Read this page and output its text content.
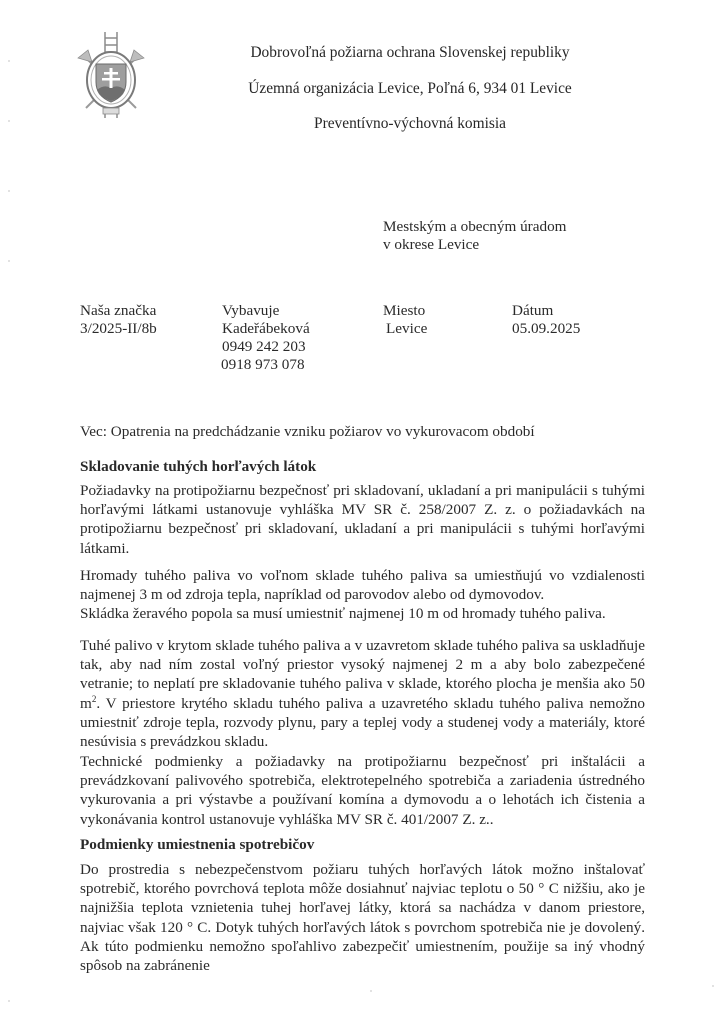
Dobrovoľná požiarna ochrana Slovenskej republiky
Územná organizácia Levice, Poľná 6, 934 01 Levice
Preventívno-výchovná komisia
Mestským a obecným úradom
v okrese Levice
Naša značka
3/2025-II/8b
Vybavuje
Kadeřábeková
0949 242 203
0918 973 078
Miesto
Levice
Dátum
05.09.2025
Vec: Opatrenia na predchádzanie vzniku požiarov vo vykurovacom období
Skladovanie tuhých horľavých látok
Požiadavky na protipožiarnu bezpečnosť pri skladovaní, ukladaní a pri manipulácii s tuhými horľavými látkami ustanovuje vyhláška MV SR č. 258/2007 Z. z. o požiadavkách na protipožiarnu bezpečnosť pri skladovaní, ukladaní a pri manipulácii s tuhými horľavými látkami.
Hromady tuhého paliva vo voľnom sklade tuhého paliva sa umiestňujú vo vzdialenosti najmenej 3 m od zdroja tepla, napríklad od parovodov alebo od dymovodov.
Skládka žeravého popola sa musí umiestniť najmenej 10 m od hromady tuhého paliva.
Tuhé palivo v krytom sklade tuhého paliva a v uzavretom sklade tuhého paliva sa uskladňuje tak, aby nad ním zostal voľný priestor vysoký najmenej 2 m a aby bolo zabezpečené vetranie; to neplatí pre skladovanie tuhého paliva v sklade, ktorého plocha je menšia ako 50 $m^2$. V priestore krytého skladu tuhého paliva a uzavretého skladu tuhého paliva nemožno umiestniť zdroje tepla, rozvody plynu, pary a teplej vody a studenej vody a materiály, ktoré nesúvisia s prevádzkou skladu.
Technické podmienky a požiadavky na protipožiarnu bezpečnosť pri inštalácii a prevádzkovaní palivového spotrebiča, elektrotepelného spotrebiča a zariadenia ústredného vykurovania a pri výstavbe a používaní komína a dymovodu a o lehotách ich čistenia a vykonávania kontrol ustanovuje vyhláška MV SR č. 401/2007 Z. z..
Podmienky umiestnenia spotrebičov
Do prostredia s nebezpečenstvom požiaru tuhých horľavých látok možno inštalovať spotrebič, ktorého povrchová teplota môže dosiahnuť najviac teplotu o 50 ° C nižšiu, ako je najnižšia teplota vznietenia tuhej horľavej látky, ktorá sa nachádza v danom priestore, najviac však 120 ° C. Dotyk tuhých horľavých látok s povrchom spotrebiča nie je dovolený. Ak túto podmienku nemožno spoľahlivo zabezpečiť umiestnením, použije sa iný vhodný spôsob na zabránenie
